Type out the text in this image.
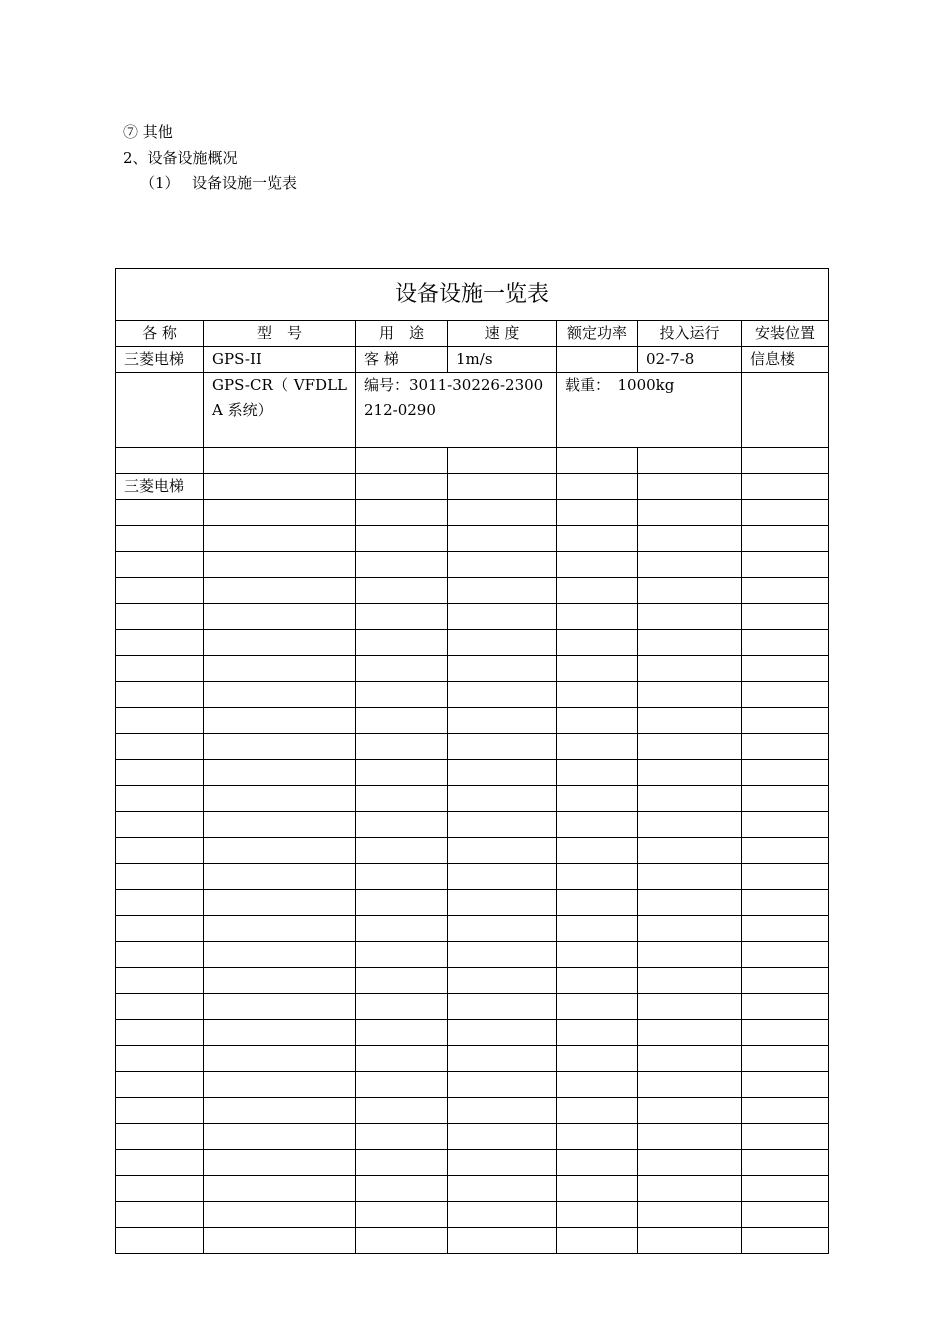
⑦ 其他
2、设备设施概况
（1） 设备设施一览表
设备设施一览表						
各 称	型　号	用　途	速 度	额定功率	投入运行	安装位置
三菱电梯	GPS-II	客 梯	1m/s		02-7-8	信息楼
	GPS-CR（ VFDLLA 系统）	编号：3011-30226-2300212-0290		载重：　1000kg		

三菱电梯						
